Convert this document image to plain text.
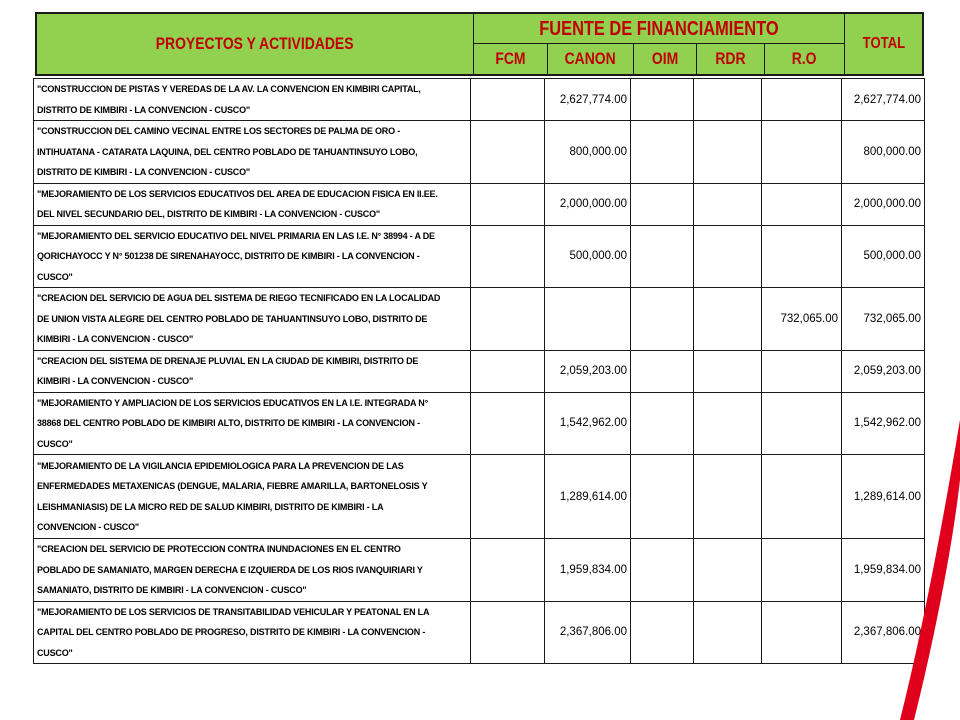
PROYECTOS Y ACTIVIDADES
FUENTE DE FINANCIAMIENTO
FCM CANON OIM RDR	R.O
TOTAL
"CONSTRUCCION DE PISTAS Y VEREDAS DE LA AV. LA CONVENCION EN KIMBIRI CAPITAL,
DISTRITO DE KIMBIRI - LA CONVENCION - CUSCO"		2,627,774.00				2,627,774.00

"CONSTRUCCION DEL CAMINO VECINAL ENTRE LOS SECTORES DE PALMA DE ORO -
INTIHUATANA - CATARATA LAQUINA, DEL CENTRO POBLADO DE TAHUANTINSUYO LOBO,
DISTRITO DE KIMBIRI - LA CONVENCION - CUSCO"		800,000.00				800,000.00

"MEJORAMIENTO DE LOS SERVICIOS EDUCATIVOS DEL AREA DE EDUCACION FISICA EN II.EE.
DEL NIVEL SECUNDARIO DEL, DISTRITO DE KIMBIRI - LA CONVENCION - CUSCO"		2,000,000.00				2,000,000.00

"MEJORAMIENTO DEL SERVICIO EDUCATIVO DEL NIVEL PRIMARIA EN LAS I.E. N° 38994 - A DE
QORICHAYOCC Y N° 501238 DE SIRENAHAYOCC, DISTRITO DE KIMBIRI - LA CONVENCION -
CUSCO"		500,000.00				500,000.00

"CREACION DEL SERVICIO DE AGUA DEL SISTEMA DE RIEGO TECNIFICADO EN LA LOCALIDAD
DE UNION VISTA ALEGRE DEL CENTRO POBLADO DE TAHUANTINSUYO LOBO, DISTRITO DE
KIMBIRI - LA CONVENCION - CUSCO"					732,065.00	732,065.00

"CREACION DEL SISTEMA DE DRENAJE PLUVIAL EN LA CIUDAD DE KIMBIRI, DISTRITO DE
KIMBIRI - LA CONVENCION - CUSCO"		2,059,203.00				2,059,203.00

"MEJORAMIENTO Y AMPLIACION DE LOS SERVICIOS EDUCATIVOS EN LA I.E. INTEGRADA N°
38868 DEL CENTRO POBLADO DE KIMBIRI ALTO, DISTRITO DE KIMBIRI - LA CONVENCION -
CUSCO"		1,542,962.00				1,542,962.00

"MEJORAMIENTO DE LA VIGILANCIA EPIDEMIOLOGICA PARA LA PREVENCION DE LAS
ENFERMEDADES METAXENICAS (DENGUE, MALARIA, FIEBRE AMARILLA, BARTONELOSIS Y
LEISHMANIASIS) DE LA MICRO RED DE SALUD KIMBIRI, DISTRITO DE KIMBIRI - LA
CONVENCION - CUSCO"		1,289,614.00				1,289,614.00

"CREACION DEL SERVICIO DE PROTECCION CONTRA INUNDACIONES EN EL CENTRO
POBLADO DE SAMANIATO, MARGEN DERECHA E IZQUIERDA DE LOS RIOS IVANQUIRIARI Y
SAMANIATO, DISTRITO DE KIMBIRI - LA CONVENCION - CUSCO"		1,959,834.00				1,959,834.00

"MEJORAMIENTO DE LOS SERVICIOS DE TRANSITABILIDAD VEHICULAR Y PEATONAL EN LA
CAPITAL DEL CENTRO POBLADO DE PROGRESO, DISTRITO DE KIMBIRI - LA CONVENCION -
CUSCO"		2,367,806.00				2,367,806.00
